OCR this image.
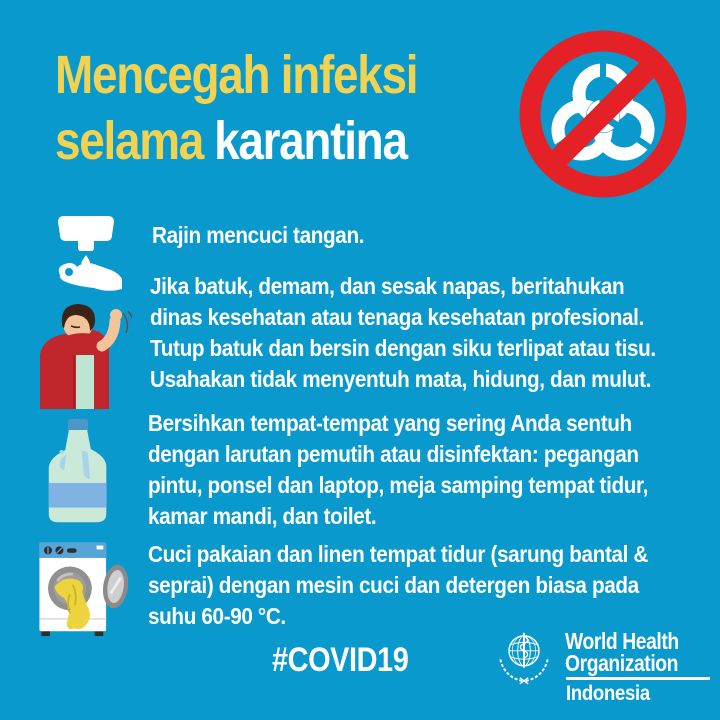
Mencegah infeksi
selama karantina
Rajin mencuci tangan.
Jika batuk, demam, dan sesak napas, beritahukan
dinas kesehatan atau tenaga kesehatan profesional.
Tutup batuk dan bersin dengan siku terlipat atau tisu.
Usahakan tidak menyentuh mata, hidung, dan mulut.
Bersihkan tempat-tempat yang sering Anda sentuh
dengan larutan pemutih atau disinfektan: pegangan
pintu, ponsel dan laptop, meja samping tempat tidur,
kamar mandi, dan toilet.
Cuci pakaian dan linen tempat tidur (sarung bantal &
seprai) dengan mesin cuci dan detergen biasa pada
suhu 60-90 °C.
#COVID19	World Health
Organization
Indonesia
